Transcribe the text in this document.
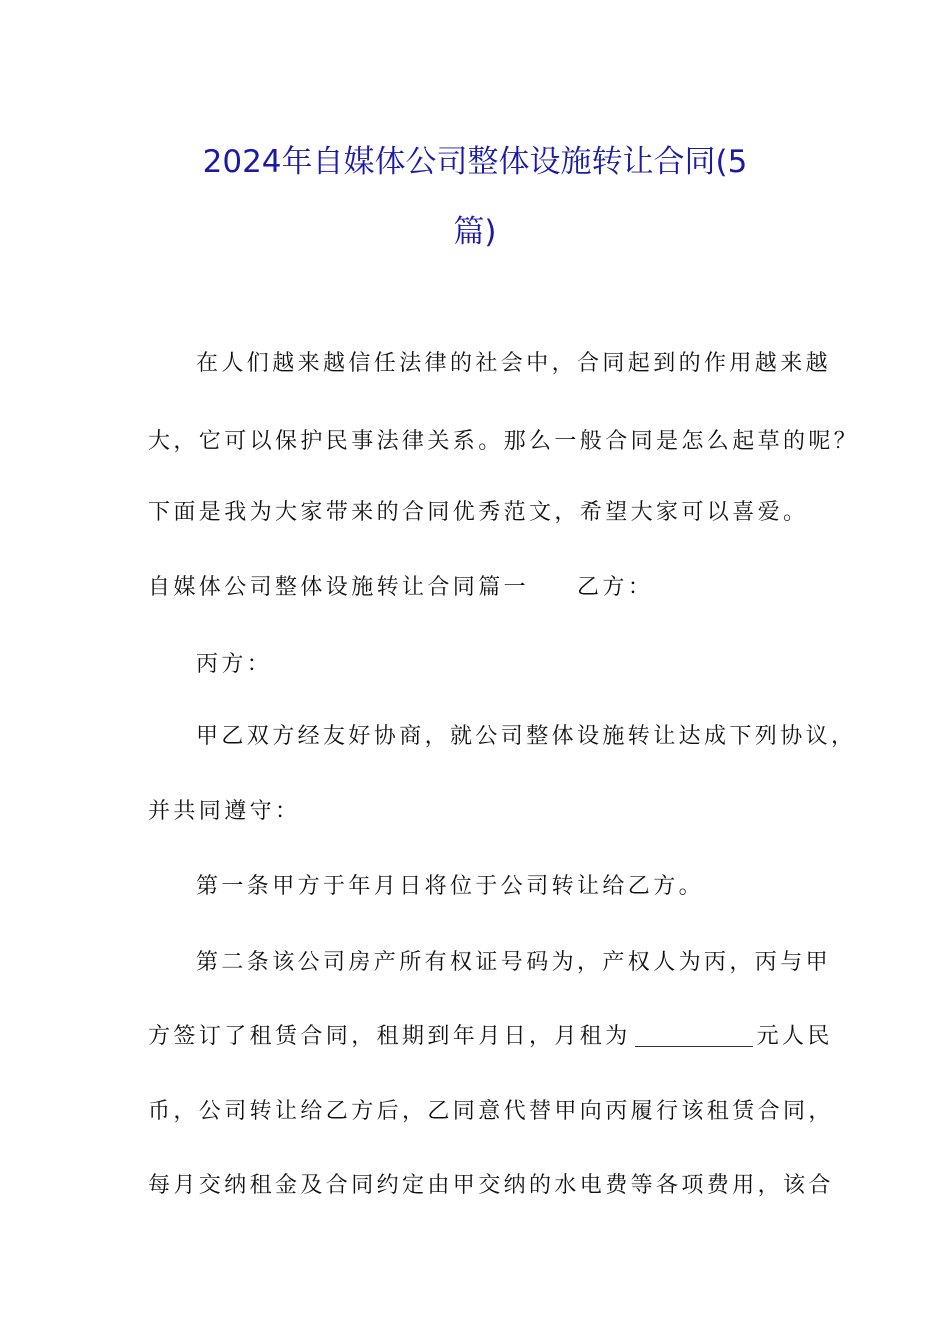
2024年自媒体公司整体设施转让合同(5
篇)
在人们越来越信任法律的社会中，合同起到的作用越来越
大，它可以保护民事法律关系。那么一般合同是怎么起草的呢？
下面是我为大家带来的合同优秀范文，希望大家可以喜爱。
自媒体公司整体设施转让合同篇一 乙方：
丙方：
甲乙双方经友好协商，就公司整体设施转让达成下列协议，
并共同遵守：
第一条甲方于年月日将位于公司转让给乙方。
第二条该公司房产所有权证号码为，产权人为丙，丙与甲
方签订了租赁合同，租期到年月日，月租为	元人民
币，公司转让给乙方后，乙同意代替甲向丙履行该租赁合同，
每月交纳租金及合同约定由甲交纳的水电费等各项费用，该合
